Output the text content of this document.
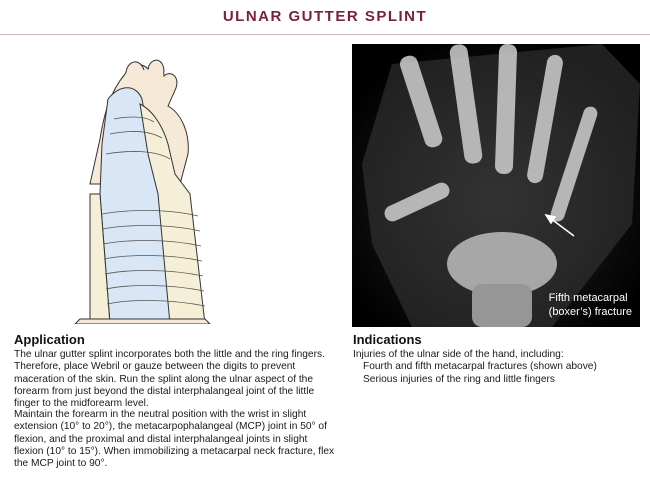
ULNAR GUTTER SPLINT
Fifth metacarpal
(boxer’s) fracture
Application

The ulnar gutter splint incorporates both the little and the ring fingers. Therefore, place Webril or gauze between the digits to prevent maceration of the skin. Run the splint along the ulnar aspect of the forearm from just beyond the distal interphalangeal joint of the little finger to the midforearm level.

Maintain the forearm in the neutral position with the wrist in slight extension (10° to 20°), the metacarpophalangeal (MCP) joint in 50° of flexion, and the proximal and distal interphalangeal joints in slight flexion (10° to 15°). When immobilizing a metacarpal neck fracture, flex the MCP joint to 90°.

Indications
Injuries of the ulnar side of the hand, including:
Fourth and fifth metacarpal fractures (shown above)
Serious injuries of the ring and little fingers
